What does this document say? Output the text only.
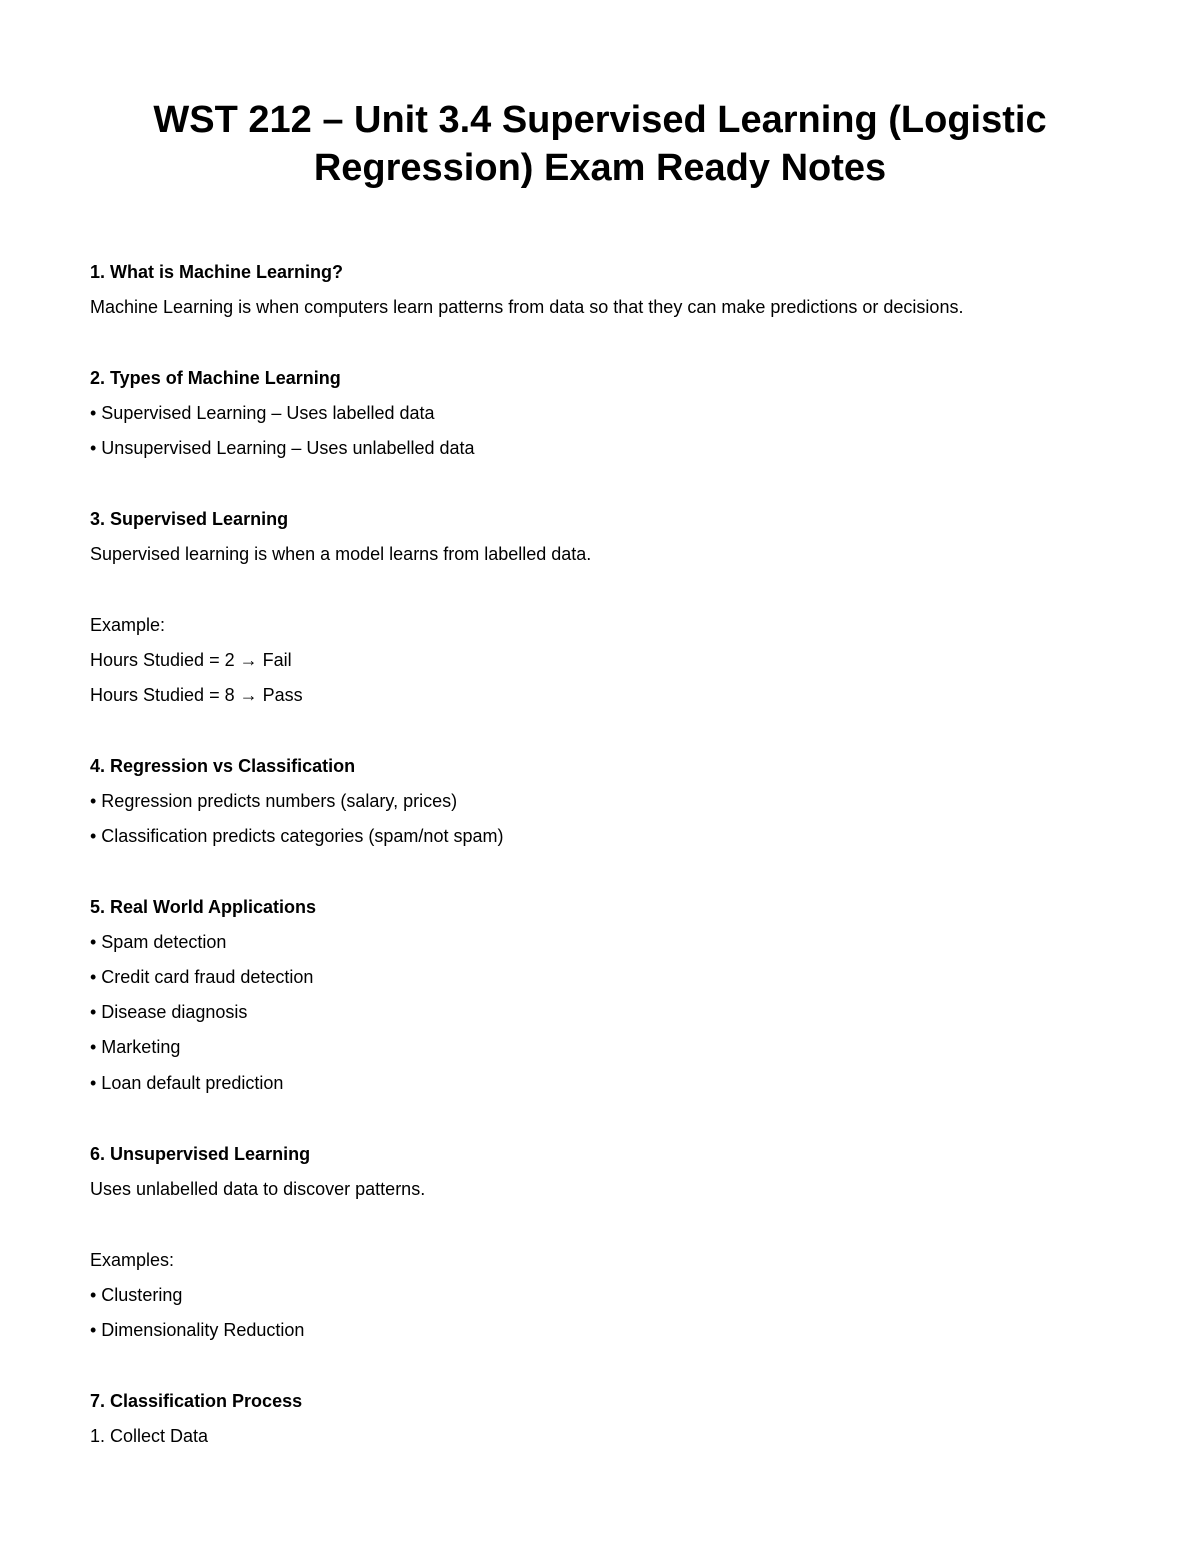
WST 212 – Unit 3.4 Supervised Learning (Logistic Regression) Exam Ready Notes

1. What is Machine Learning?

Machine Learning is when computers learn patterns from data so that they can make predictions or decisions.

2. Types of Machine Learning

• Supervised Learning – Uses labelled data

• Unsupervised Learning – Uses unlabelled data

3. Supervised Learning

Supervised learning is when a model learns from labelled data.

Example:

Hours Studied = 2 → Fail

Hours Studied = 8 → Pass

4. Regression vs Classification

• Regression predicts numbers (salary, prices)

• Classification predicts categories (spam/not spam)

5. Real World Applications

• Spam detection

• Credit card fraud detection

• Disease diagnosis

• Marketing

• Loan default prediction

6. Unsupervised Learning

Uses unlabelled data to discover patterns.

Examples:

• Clustering

• Dimensionality Reduction

7. Classification Process

1. Collect Data
